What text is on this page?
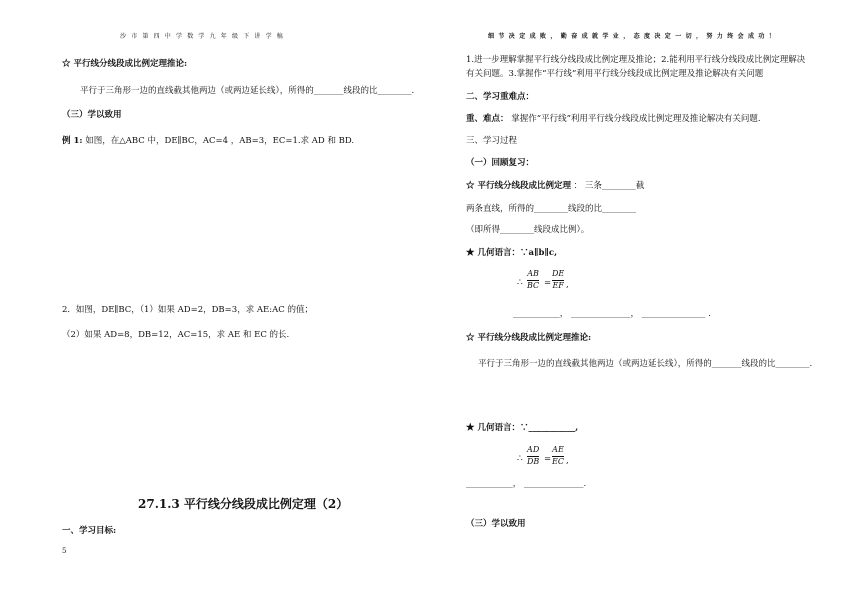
沙市第四中学数学九年级下讲学稿
☆ 平行线分线段成比例定理推论:
平行于三角形一边的直线截其他两边（或两边延长线），所得的_______线段的比________.
（三）学以致用
例 1: 如图，在△ABC 中，DE∥BC，AC=4 ，AB=3，EC=1.求 AD 和 BD.
2．如图，DE∥BC，（1）如果 AD=2，DB=3，求 AE:AC 的值；
（2）如果 AD=8，DB=12，AC=15，求 AE 和 EC 的长.
27.1.3 平行线分线段成比例定理（2）
一、学习目标:
5
细节决定成败，勤奋成就学业，态度决定一切，努力终会成功！
1.进一步理解掌握平行线分线段成比例定理及推论；2.能利用平行线分线段成比例定理解决
有关问题。3.掌握作“平行线”利用平行线分线段成比例定理及推论解决有关问题
二、学习重难点：
重、难点： 掌握作“平行线”利用平行线分线段成比例定理及推论解决有关问题.
三、学习过程
（一）回顾复习：
☆ 平行线分线段成比例定理 ： 三条________截
两条直线，所得的________线段的比________
（即所得________线段成比例）。
★ 几何语言：∵a∥b∥c,
∴
AB
BC =
DE
EF ,
___________， ______________， _______________ .
☆ 平行线分线段成比例定理推论:
平行于三角形一边的直线截其他两边（或两边延长线），所得的_______线段的比________.
★ 几何语言：∵___________,
∴
AD
DB =
AE
EC ,
___________， ______________.
（三）学以致用
